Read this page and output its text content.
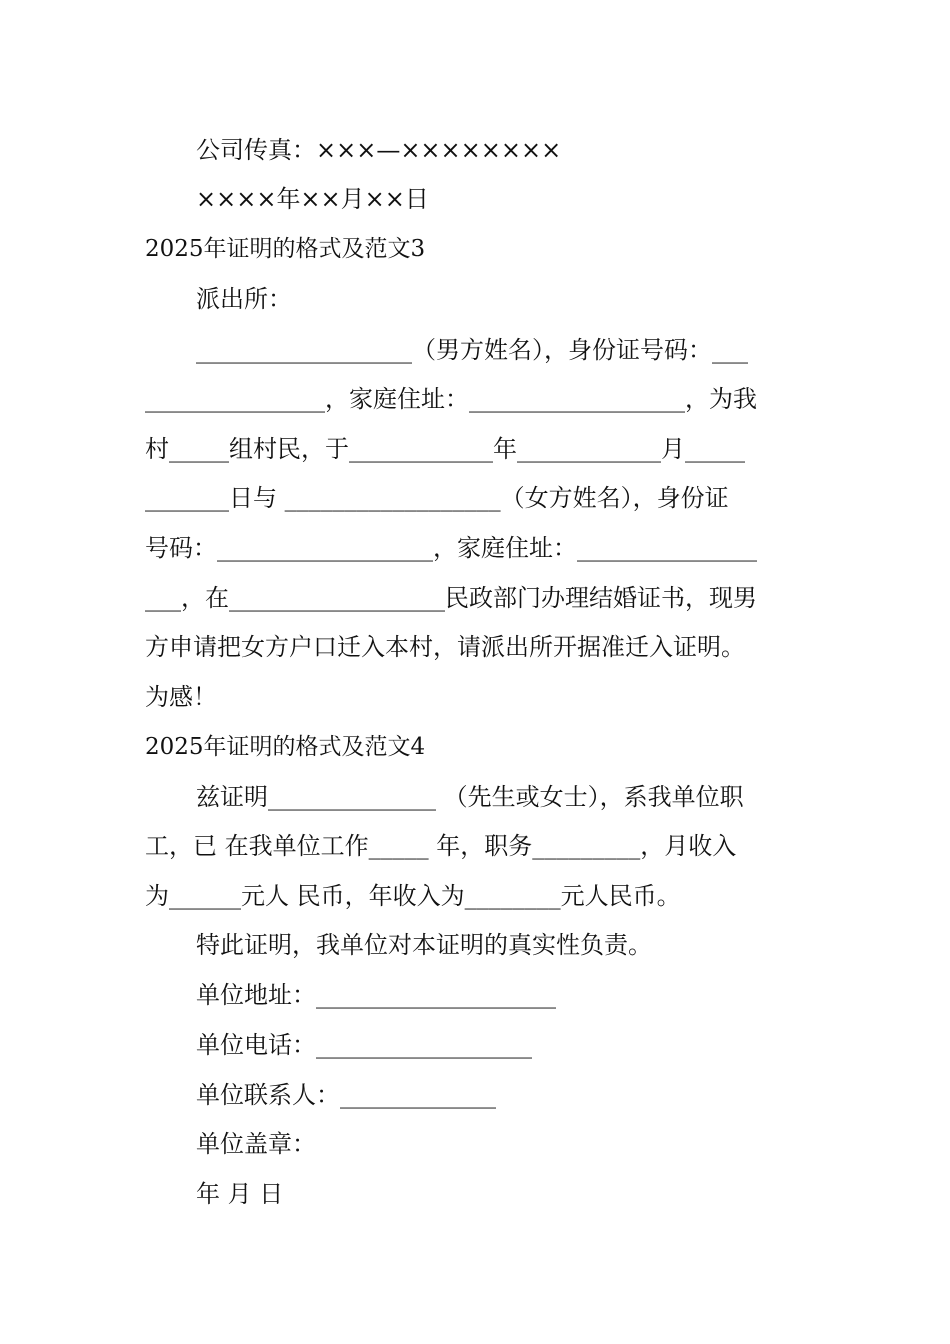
公司传真：×××—××××××××
××××年××月××日
2025年证明的格式及范文3
派出所：
__________________（男方姓名），身份证号码：___
_______________，家庭住址：__________________，为我
村_____组村民，于____________年____________月_____
_______日与 __________________（女方姓名），身份证
号码：__________________，家庭住址：_______________
___，在__________________民政部门办理结婚证书，现男
方申请把女方户口迁入本村，请派出所开据准迁入证明。
为感！
2025年证明的格式及范文4
兹证明______________ （先生或女士），系我单位职
工，已 在我单位工作_____ 年，职务_________，月收入
为______元人 民币，年收入为________元人民币。
特此证明，我单位对本证明的真实性负责。
单位地址：____________________
单位电话：__________________
单位联系人：_____________
单位盖章：
年 月 日
